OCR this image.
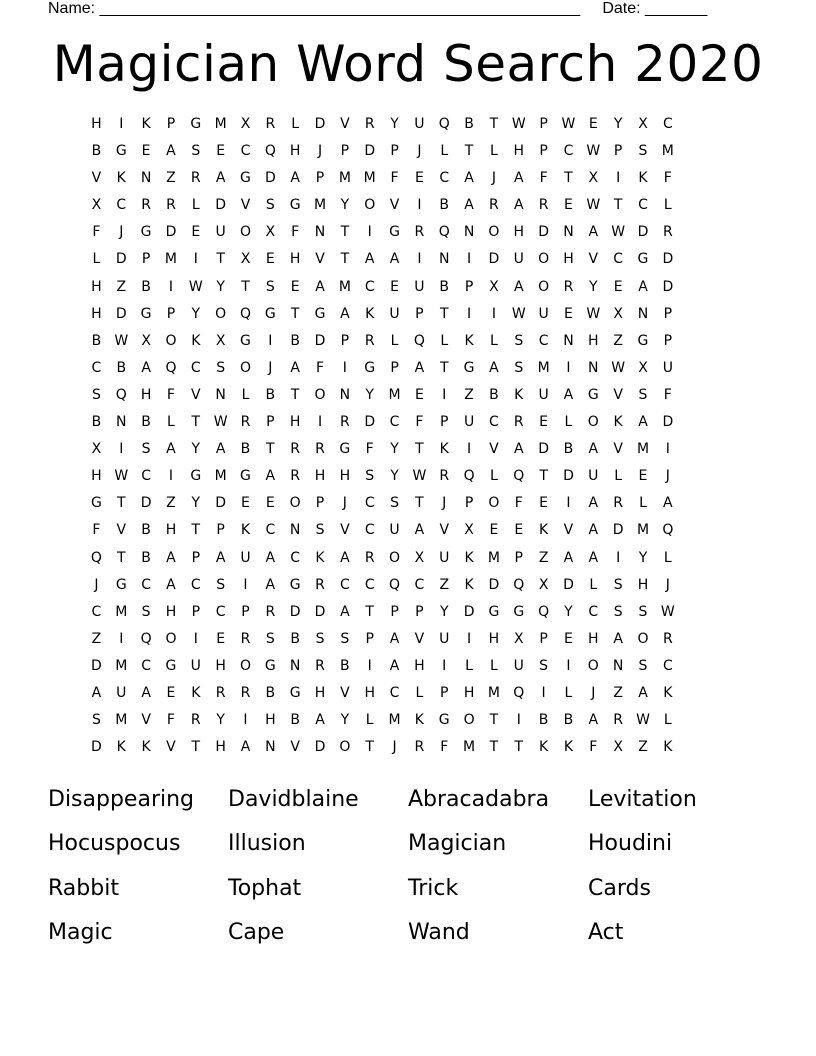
Name: ______________________________________________________ Date: _______
Magician Word Search 2020
H	I	K	P	G M	X	R	L	D	V	R	Y	U	Q	B	T W P W E	Y	X	C
B	G	E	A	S	E	C	Q	H	J	P	D	P	J	L	T	L	H	P	C W P	S	M
V	K	N	Z	R	A	G	D	A	P	M M	F	E	C	A	J	A	F	T	X	I	K	F
X	C	R	R	L	D	V	S	G M	Y	O	V	I	B	A	R	A	R	E W T	C	L
F	J	G	D	E	U	O	X	F	N	T	I	G	R	Q	N	O	H	D	N	A W D	R
L	D	P	M	I	T	X	E	H	V	T	A	A	I	N	I	D	U	O	H	V	C	G	D
H	Z	B	I	W Y	T	S	E	A	M C	E	U	B	P	X	A	O	R	Y	E	A	D
H	D	G	P	Y	O Q G	T	G	A	K	U	P	T	I	I	W U	E W X	N	P
B W X	O	K	X	G	I	B	D	P	R	L	Q	L	K	L	S	C	N	H	Z	G	P
C	B	A	Q	C	S	O	J	A	F	I	G	P	A	T	G	A	S	M	I	N W X	U
S	Q	H	F	V	N	L	B	T	O	N	Y	M	E	I	Z	B	K	U	A	G	V	S	F
B	N	B	L	T W R	P	H	I	R	D	C	F	P	U	C	R	E	L	O	K	A	D
X	I	S	A	Y	A	B	T	R	R	G	F	Y	T	K	I	V	A	D	B	A	V	M	I
H W C	I	G M G	A	R	H	H	S	Y W R	Q	L	Q	T	D	U	L	E	J
G	T	D	Z	Y	D	E	E	O	P	J	C	S	T	J	P	O	F	E	I	A	R	L	A
F	V	B	H	T	P	K	C	N	S	V	C	U	A	V	X	E	E	K	V	A	D M Q
Q	T	B	A	P	A	U	A	C	K	A	R	O	X	U	K	M	P	Z	A	A	I	Y	L
J	G	C	A	C	S	I	A	G	R	C	C	Q	C	Z	K	D Q	X	D	L	S	H	J
C M	S	H	P	C	P	R	D	D	A	T	P	P	Y	D	G G Q	Y	C	S	S W
Z	I	Q O	I	E	R	S	B	S	S	P	A	V	U	I	H	X	P	E	H	A	O	R
D M C	G	U	H	O G	N	R	B	I	A	H	I	L	L	U	S	I	O	N	S	C
A	U	A	E	K	R	R	B	G	H	V	H	C	L	P	H M Q	I	L	J	Z	A	K
S	M	V	F	R	Y	I	H	B	A	Y	L	M	K	G O	T	I	B	B	A	R W	L
D	K	K	V	T	H	A	N	V	D O	T	J	R	F	M	T	T	K	K	F	X	Z	K
Disappearing	Davidblaine	Abracadabra	Levitation
Hocuspocus	Illusion	Magician	Houdini
Rabbit	Tophat	Trick	Cards
Magic	Cape	Wand	Act
